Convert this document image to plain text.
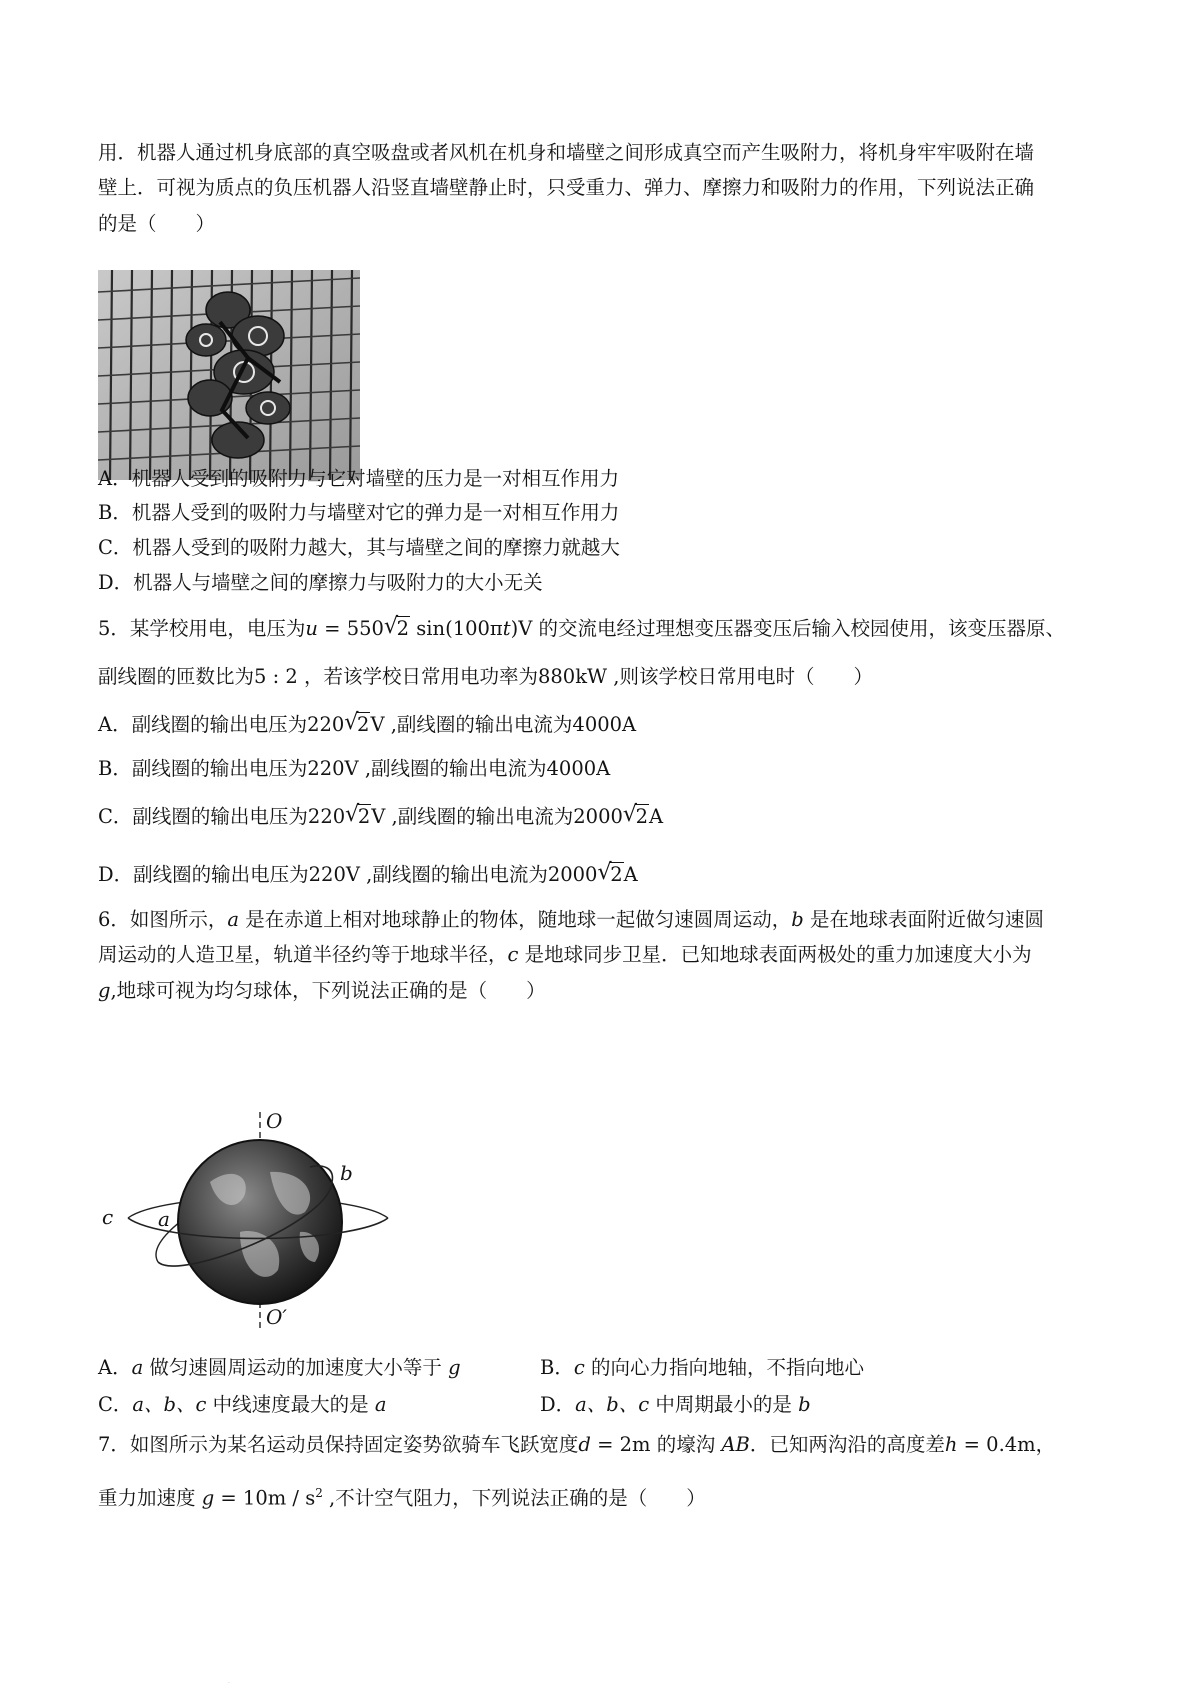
用．机器人通过机身底部的真空吸盘或者风机在机身和墙壁之间形成真空而产生吸附力，将机身牢牢吸附在墙
壁上．可视为质点的负压机器人沿竖直墙壁静止时，只受重力、弹力、摩擦力和吸附力的作用，下列说法正确
的是（　　）
A．机器人受到的吸附力与它对墙壁的压力是一对相互作用力
B．机器人受到的吸附力与墙壁对它的弹力是一对相互作用力
C．机器人受到的吸附力越大，其与墙壁之间的摩擦力就越大
D．机器人与墙壁之间的摩擦力与吸附力的大小无关
5．某学校用电，电压为u = 550 √ 2 sin(100πt)V 的交流电经过理想变压器变压后输入校园使用，该变压器原、
副线圈的匝数比为5 : 2 ，若该学校日常用电功率为880kW ,则该学校日常用电时（　　）
A．副线圈的输出电压为220 √ 2V ,副线圈的输出电流为4000A
B．副线圈的输出电压为220V ,副线圈的输出电流为4000A
C．副线圈的输出电压为220 √ 2V ,副线圈的输出电流为2000 √ 2A
D．副线圈的输出电压为220V ,副线圈的输出电流为2000 √ 2A
6．如图所示，a 是在赤道上相对地球静止的物体，随地球一起做匀速圆周运动，b 是在地球表面附近做匀速圆
周运动的人造卫星，轨道半径约等于地球半径，c 是地球同步卫星．已知地球表面两极处的重力加速度大小为
g,地球可视为均匀球体，下列说法正确的是（　　）
O
O′
b
c a
A．a 做匀速圆周运动的加速度大小等于 g	B．c 的向心力指向地轴，不指向地心
C．a、b、c 中线速度最大的是 a	D．a、b、c 中周期最小的是 b
7．如图所示为某名运动员保持固定姿势欲骑车飞跃宽度d = 2m 的壕沟 AB．已知两沟沿的高度差h = 0.4m，
重力加速度 $g = 10m / s^2$ ,不计空气阻力，下列说法正确的是（　　）
.
